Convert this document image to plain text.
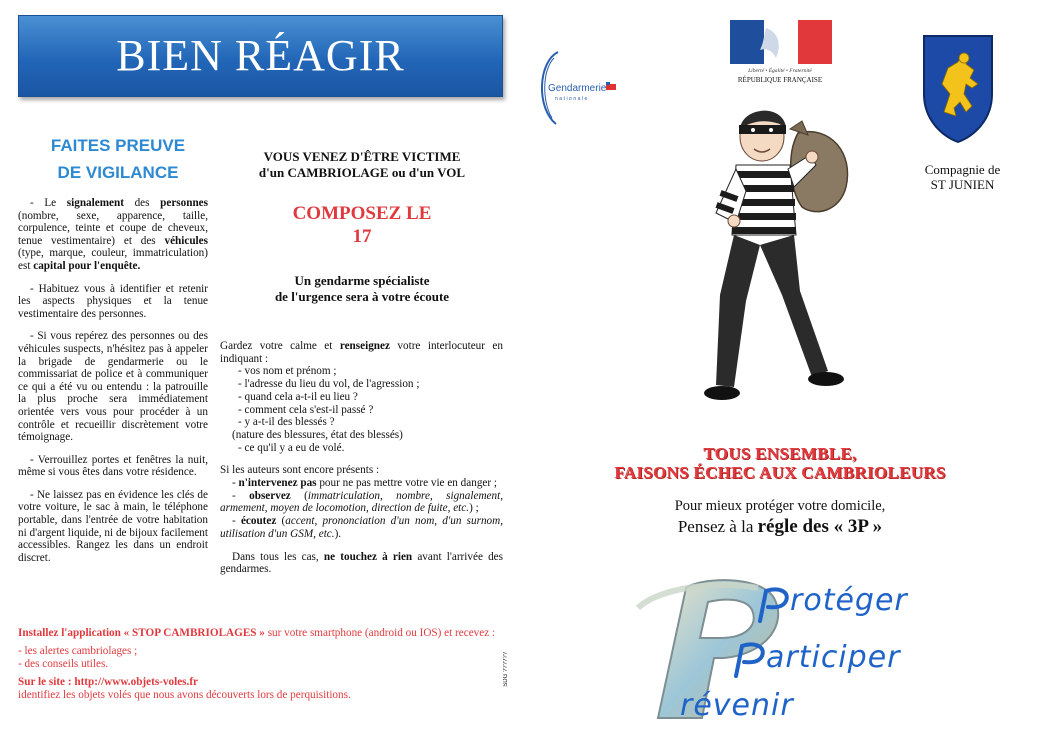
BIEN RÉAGIR
FAITES PREUVE
DE VIGILANCE

- Le signalement des personnes (nombre, sexe, apparence, taille, corpulence, teinte et coupe de cheveux, tenue vestimentaire) et des véhicules (type, marque, couleur, immatriculation) est capital pour l'enquête.

- Habituez vous à identifier et retenir les aspects physiques et la tenue vestimentaire des personnes.

- Si vous repérez des personnes ou des véhicules suspects, n'hésitez pas à appeler la brigade de gendarmerie ou le commissariat de police et à communiquer ce qui a été vu ou entendu : la patrouille la plus proche sera immédiatement orientée vers vous pour procéder à un contrôle et recueillir discrètement votre témoignage.

- Verrouillez portes et fenêtres la nuit, même si vous êtes dans votre résidence.

- Ne laissez pas en évidence les clés de votre voiture, le sac à main, le téléphone portable, dans l'entrée de votre habitation ni d'argent liquide, ni de bijoux facilement accessibles. Rangez les dans un endroit discret.

VOUS VENEZ D'ÊTRE VICTIME
d'un CAMBRIOLAGE ou d'un VOL
COMPOSEZ LE
17
Un gendarme spécialiste
de l'urgence sera à votre écoute

Gardez votre calme et renseignez votre interlocuteur en indiquant :

- vos nom et prénom ;

- l'adresse du lieu du vol, de l'agression ;

- quand cela a-t-il eu lieu ?

- comment cela s'est-il passé ?

- y a-t-il des blessés ?

(nature des blessures, état des blessés)

- ce qu'il y a eu de volé.

Si les auteurs sont encore présents :

- n'intervenez pas pour ne pas mettre votre vie en danger ;

- observez (immatriculation, nombre, signalement, armement, moyen de locomotion, direction de fuite, etc.) ;

- écoutez (accent, prononciation d'un nom, d'un surnom, utilisation d'un GSM, etc.).

Dans tous les cas, ne touchez à rien avant l'arrivée des gendarmes.

Installez l'application « STOP CAMBRIOLAGES » sur votre smartphone (android ou IOS) et recevez :

- les alertes cambriolages ;

- des conseils utiles.

Sur le site : http://www.objets-voles.fr

identifiez les objets volés que nous avons découverts lors de perquisitions.

SDG ??????
Gendarmerie
nationale
Liberté • Égalité • Fraternité
RÉPUBLIQUE FRANÇAISE
Compagnie de
ST JUNIEN
TOUS ENSEMBLE,
FAISONS ÉCHEC AUX CAMBRIOLEURS
Pour mieux protéger votre domicile,
Pensez à la régle des « 3P »
rotéger
articiper
révenir
